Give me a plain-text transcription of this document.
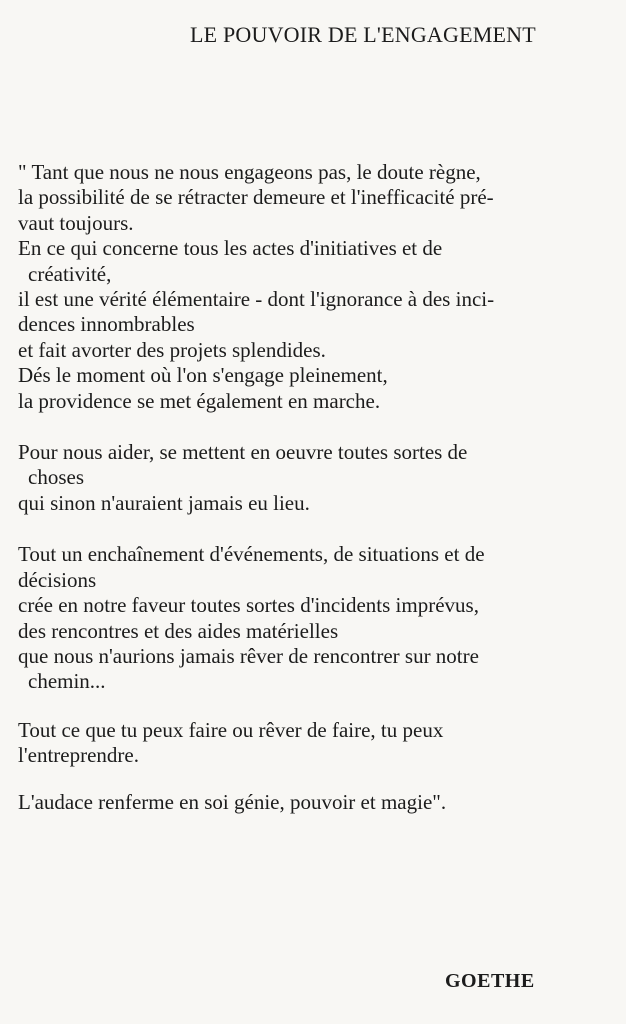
LE POUVOIR DE L'ENGAGEMENT
" Tant que nous ne nous engageons pas, le doute règne,
la possibilité de se rétracter demeure et l'inefficacité pré-
vaut toujours.
En ce qui concerne tous les actes d'initiatives et de
créativité,
il est une vérité élémentaire - dont l'ignorance à des inci-
dences innombrables
et fait avorter des projets splendides.
Dés le moment où l'on s'engage pleinement,
la providence se met également en marche.
Pour nous aider, se mettent en oeuvre toutes sortes de
choses
qui sinon n'auraient jamais eu lieu.
Tout un enchaînement d'événements, de situations et de
décisions
crée en notre faveur toutes sortes d'incidents imprévus,
des rencontres et des aides matérielles
que nous n'aurions jamais rêver de rencontrer sur notre
chemin...
Tout ce que tu peux faire ou rêver de faire, tu peux
l'entreprendre.
L'audace renferme en soi génie, pouvoir et magie".
GOETHE
